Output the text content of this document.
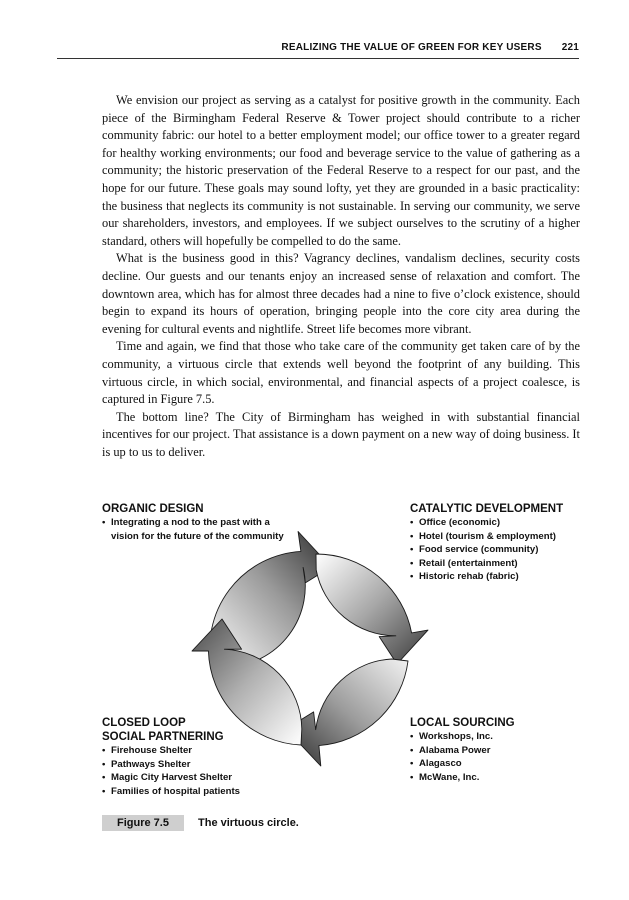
REALIZING THE VALUE OF GREEN FOR KEY USERS 221

We envision our project as serving as a catalyst for positive growth in the community. Each piece of the Birmingham Federal Reserve & Tower project should contribute to a richer community fabric: our hotel to a better employment model; our office tower to a greater regard for healthy working environments; our food and beverage service to the value of gathering as a community; the historic preservation of the Federal Reserve to a respect for our past, and the hope for our future. These goals may sound lofty, yet they are grounded in a basic practicality: the business that neglects its community is not sustainable. In serving our community, we serve our shareholders, investors, and employees. If we subject ourselves to the scrutiny of a higher standard, others will hopefully be compelled to do the same.

What is the business good in this? Vagrancy declines, vandalism declines, security costs decline. Our guests and our tenants enjoy an increased sense of relaxation and comfort. The downtown area, which has for almost three decades had a nine to five o’clock existence, should begin to expand its hours of operation, bringing people into the core city area during the evening for cultural events and nightlife. Street life becomes more vibrant.

Time and again, we find that those who take care of the community get taken care of by the community, a virtuous circle that extends well beyond the footprint of any building. This virtuous circle, in which social, environmental, and financial aspects of a project coalesce, is captured in Figure 7.5.

The bottom line? The City of Birmingham has weighed in with substantial financial incentives for our project. That assistance is a down payment on a new way of doing business. It is up to us to deliver.

ORGANIC DESIGN
• Integrating a nod to the past with a vision for the future of the community
CATALYTIC DEVELOPMENT
• Office (economic)
• Hotel (tourism & employment)
• Food service (community)
• Retail (entertainment)
• Historic rehab (fabric)
CLOSED LOOP
SOCIAL PARTNERING
• Firehouse Shelter
• Pathways Shelter
• Magic City Harvest Shelter
• Families of hospital patients
LOCAL SOURCING
• Workshops, Inc.
• Alabama Power
• Alagasco
• McWane, Inc.
Figure 7.5	The virtuous circle.
